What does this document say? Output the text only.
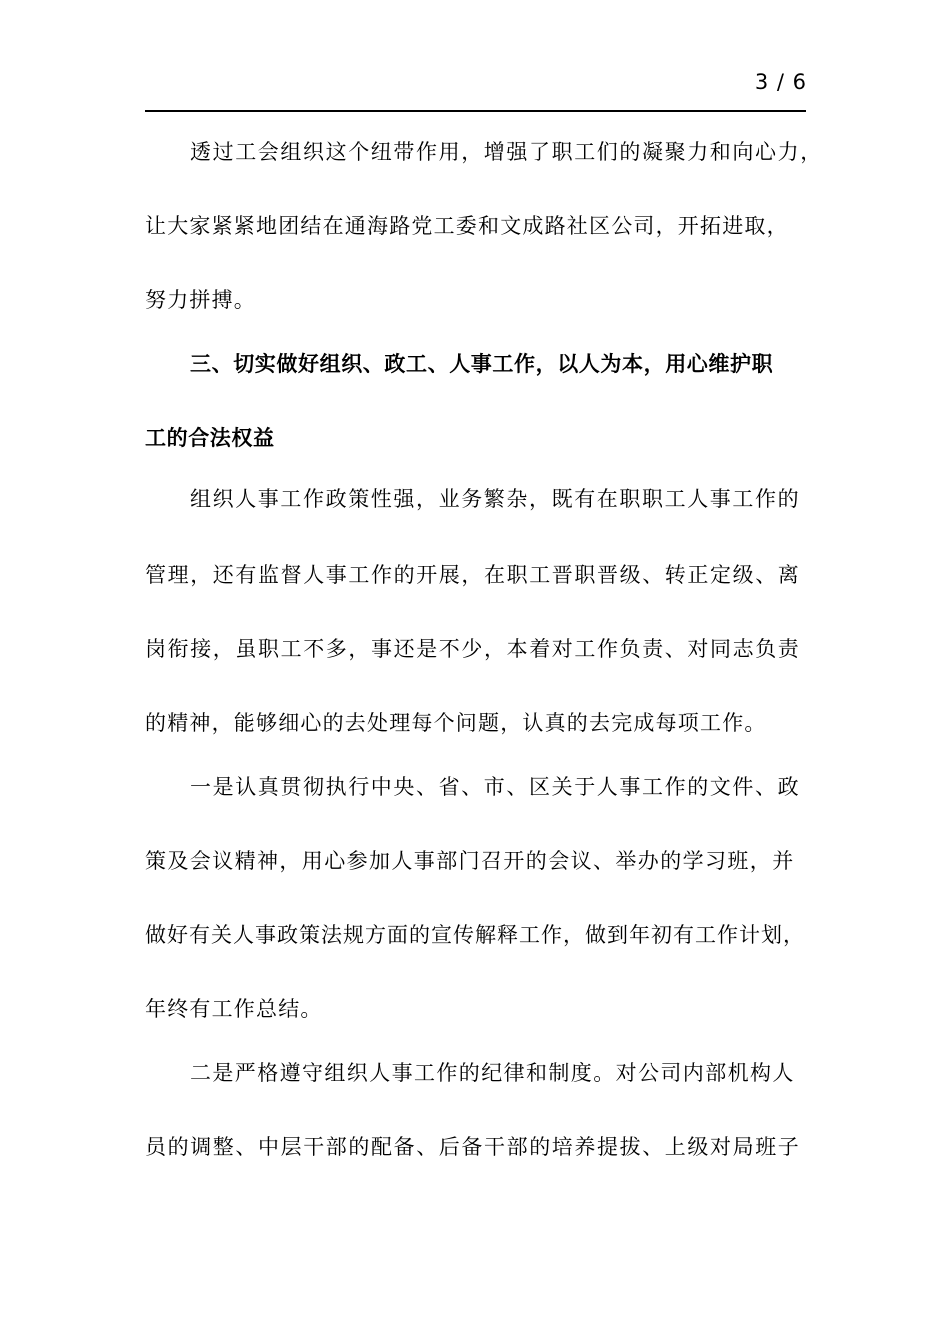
3 / 6
透过工会组织这个纽带作用，增强了职工们的凝聚力和向心力，
让大家紧紧地团结在通海路党工委和文成路社区公司，开拓进取，
努力拼搏。
三、切实做好组织、政工、人事工作，以人为本，用心维护职
工的合法权益
组织人事工作政策性强，业务繁杂，既有在职职工人事工作的
管理，还有监督人事工作的开展，在职工晋职晋级、转正定级、离
岗衔接，虽职工不多，事还是不少，本着对工作负责、对同志负责
的精神，能够细心的去处理每个问题，认真的去完成每项工作。
一是认真贯彻执行中央、省、市、区关于人事工作的文件、政
策及会议精神，用心参加人事部门召开的会议、举办的学习班，并
做好有关人事政策法规方面的宣传解释工作，做到年初有工作计划，
年终有工作总结。
二是严格遵守组织人事工作的纪律和制度。对公司内部机构人
员的调整、中层干部的配备、后备干部的培养提拔、上级对局班子
